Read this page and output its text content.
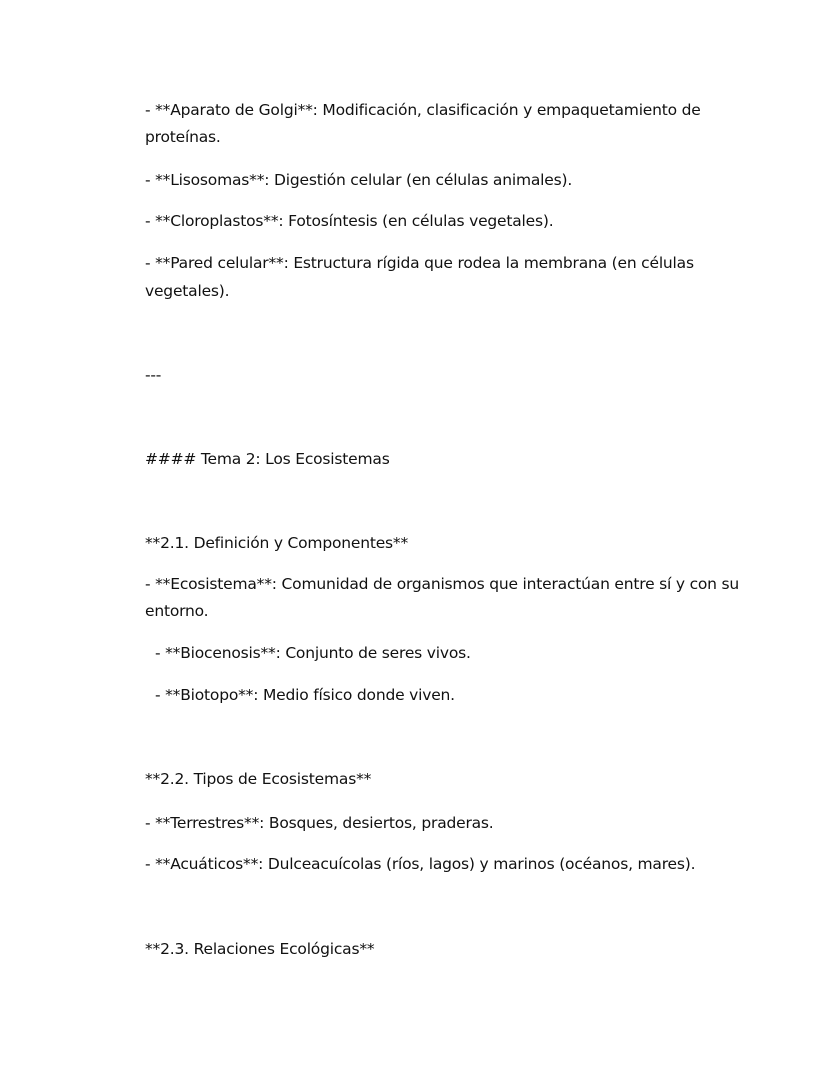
- **Aparato de Golgi**: Modificación, clasificación y empaquetamiento de
proteínas.
- **Lisosomas**: Digestión celular (en células animales).
- **Cloroplastos**: Fotosíntesis (en células vegetales).
- **Pared celular**: Estructura rígida que rodea la membrana (en células
vegetales).
---
#### Tema 2: Los Ecosistemas
**2.1. Definición y Componentes**
- **Ecosistema**: Comunidad de organismos que interactúan entre sí y con su
entorno.
- **Biocenosis**: Conjunto de seres vivos.
- **Biotopo**: Medio físico donde viven.
**2.2. Tipos de Ecosistemas**
- **Terrestres**: Bosques, desiertos, praderas.
- **Acuáticos**: Dulceacuícolas (ríos, lagos) y marinos (océanos, mares).
**2.3. Relaciones Ecológicas**
